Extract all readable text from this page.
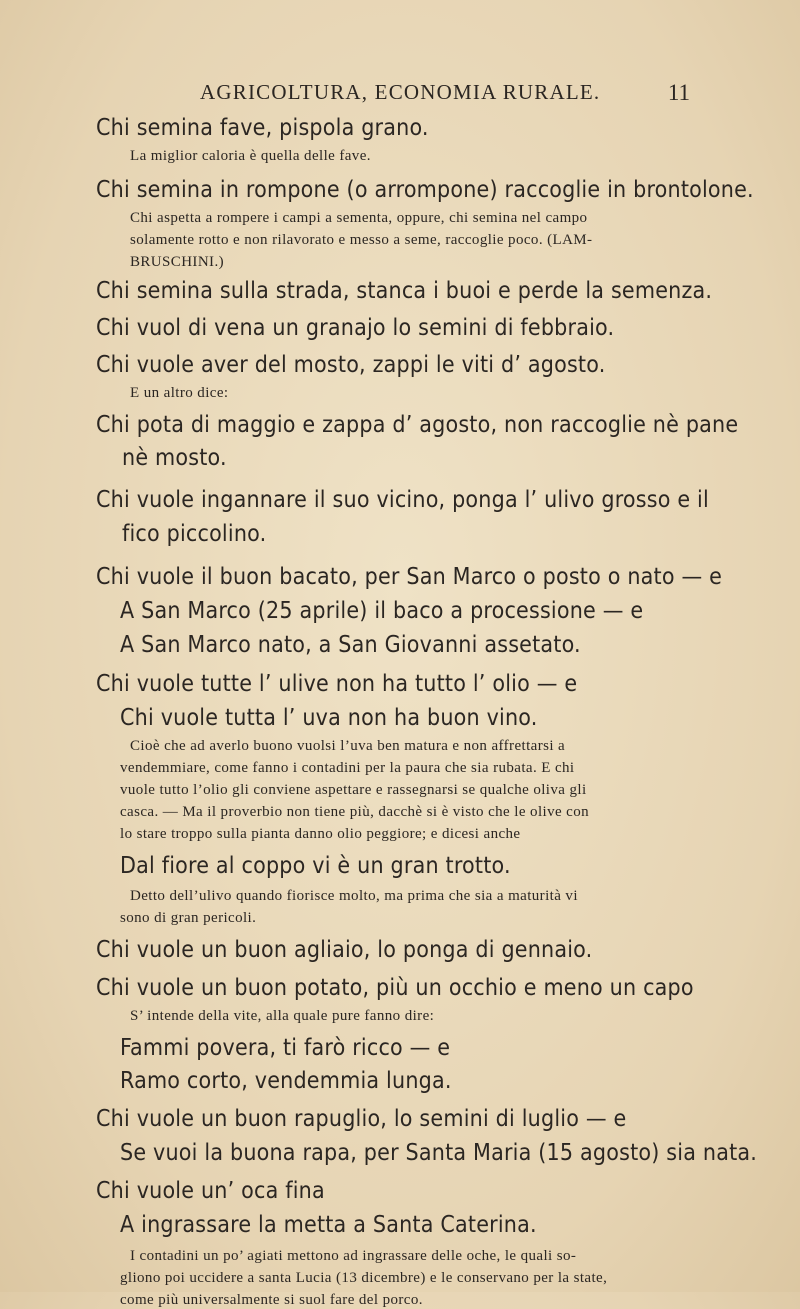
AGRICOLTURA, ECONOMIA RURALE.	11
Chi semina fave, pispola grano.
La miglior caloria è quella delle fave.
Chi semina in rompone (o arrompone) raccoglie in brontolone.
Chi aspetta a rompere i campi a sementa, oppure, chi semina nel campo
solamente rotto e non rilavorato e messo a seme, raccoglie poco. (LAM-
BRUSCHINI.)
Chi semina sulla strada, stanca i buoi e perde la semenza.
Chi vuol di vena un granajo lo semini di febbraio.
Chi vuole aver del mosto, zappi le viti d’ agosto.
E un altro dice:
Chi pota di maggio e zappa d’ agosto, non raccoglie nè pane
nè mosto.
Chi vuole ingannare il suo vicino, ponga l’ ulivo grosso e il
fico piccolino.
Chi vuole il buon bacato, per San Marco o posto o nato — e
A San Marco (25 aprile) il baco a processione — e
A San Marco nato, a San Giovanni assetato.
Chi vuole tutte l’ ulive non ha tutto l’ olio — e
Chi vuole tutta l’ uva non ha buon vino.
Cioè che ad averlo buono vuolsi l’uva ben matura e non affrettarsi a
vendemmiare, come fanno i contadini per la paura che sia rubata. E chi
vuole tutto l’olio gli conviene aspettare e rassegnarsi se qualche oliva gli
casca. — Ma il proverbio non tiene più, dacchè si è visto che le olive con
lo stare troppo sulla pianta danno olio peggiore; e dicesi anche
Dal fiore al coppo vi è un gran trotto.
Detto dell’ulivo quando fiorisce molto, ma prima che sia a maturità vi
sono di gran pericoli.
Chi vuole un buon agliaio, lo ponga di gennaio.
Chi vuole un buon potato, più un occhio e meno un capo
S’ intende della vite, alla quale pure fanno dire:
Fammi povera, ti farò ricco — e
Ramo corto, vendemmia lunga.
Chi vuole un buon rapuglio, lo semini di luglio — e
Se vuoi la buona rapa, per Santa Maria (15 agosto) sia nata.
Chi vuole un’ oca fina
A ingrassare la metta a Santa Caterina.
I contadini un po’ agiati mettono ad ingrassare delle oche, le quali so-
gliono poi uccidere a santa Lucia (13 dicembre) e le conservano per la state,
come più universalmente si suol fare del porco.
